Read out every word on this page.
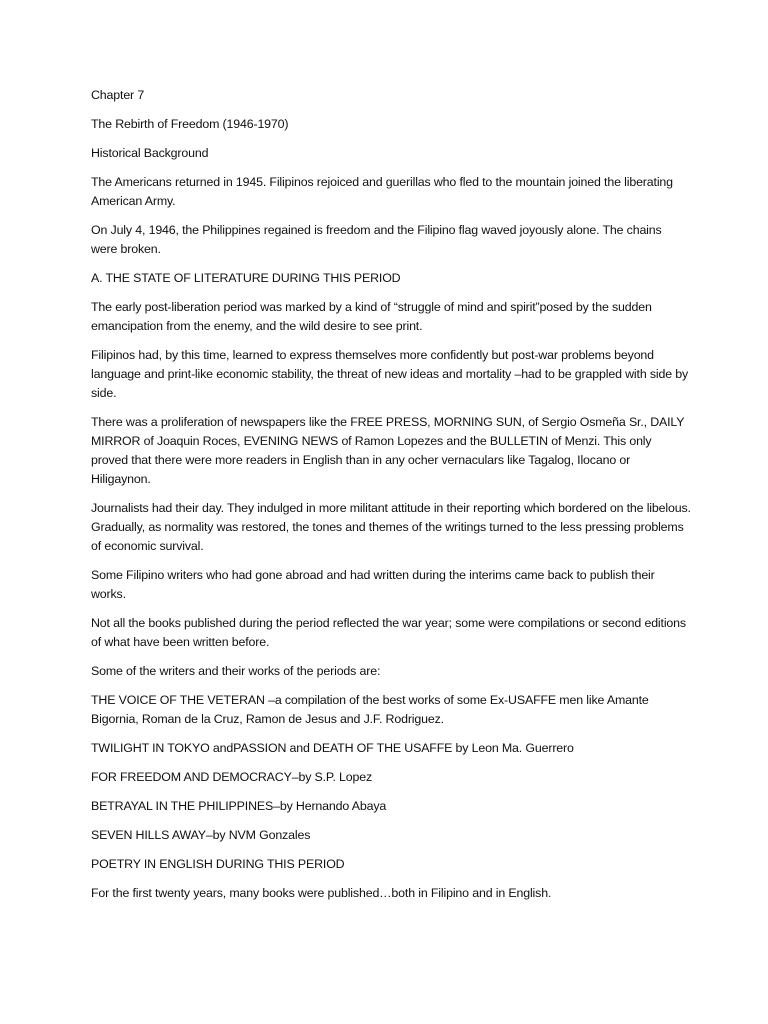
Chapter 7

The Rebirth of Freedom (1946-1970)

Historical Background

The Americans returned in 1945. Filipinos rejoiced and guerillas who fled to the mountain joined the liberating American Army.

On July 4, 1946, the Philippines regained is freedom and the Filipino flag waved joyously alone. The chains were broken.

A. THE STATE OF LITERATURE DURING THIS PERIOD

The early post-liberation period was marked by a kind of “struggle of mind and spirit”posed by the sudden emancipation from the enemy, and the wild desire to see print.

Filipinos had, by this time, learned to express themselves more confidently but post-war problems beyond language and print-like economic stability, the threat of new ideas and mortality –had to be grappled with side by side.

There was a proliferation of newspapers like the FREE PRESS, MORNING SUN, of Sergio Osmeña Sr., DAILY MIRROR of Joaquin Roces, EVENING NEWS of Ramon Lopezes and the BULLETIN of Menzi. This only proved that there were more readers in English than in any ocher vernaculars like Tagalog, Ilocano or Hiligaynon.

Journalists had their day. They indulged in more militant attitude in their reporting which bordered on the libelous. Gradually, as normality was restored, the tones and themes of the writings turned to the less pressing problems of economic survival.

Some Filipino writers who had gone abroad and had written during the interims came back to publish their works.

Not all the books published during the period reflected the war year; some were compilations or second editions of what have been written before.

Some of the writers and their works of the periods are:

THE VOICE OF THE VETERAN –a compilation of the best works of some Ex-USAFFE men like Amante Bigornia, Roman de la Cruz, Ramon de Jesus and J.F. Rodriguez.

TWILIGHT IN TOKYO andPASSION and DEATH OF THE USAFFE by Leon Ma. Guerrero

FOR FREEDOM AND DEMOCRACY–by S.P. Lopez

BETRAYAL IN THE PHILIPPINES–by Hernando Abaya

SEVEN HILLS AWAY–by NVM Gonzales

POETRY IN ENGLISH DURING THIS PERIOD

For the first twenty years, many books were published…both in Filipino and in English.
